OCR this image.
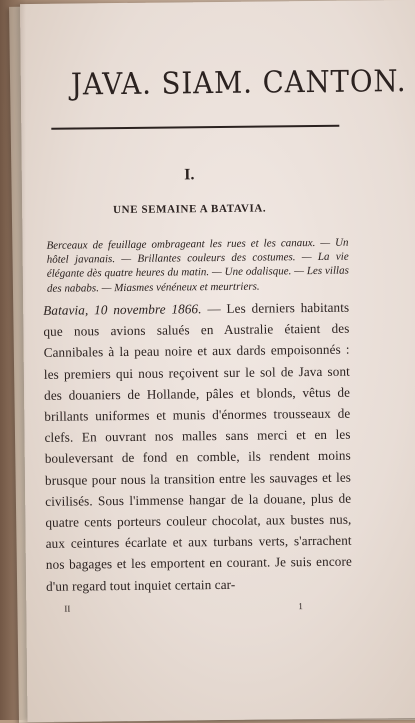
JAVA. SIAM. CANTON.
I.
UNE SEMAINE A BATAVIA.

Berceaux de feuillage ombrageant les rues et les canaux. — Un hôtel javanais. — Brillantes couleurs des costumes. — La vie élégante dès quatre heures du matin. — Une odalisque. — Les villas des nababs. — Miasmes vénéneux et meurtriers.

Batavia, 10 novembre 1866. — Les derniers habitants que nous avions salués en Australie étaient des Cannibales à la peau noire et aux dards empoisonnés : les premiers qui nous reçoivent sur le sol de Java sont des douaniers de Hollande, pâles et blonds, vêtus de brillants uniformes et munis d'énormes trousseaux de clefs. En ouvrant nos malles sans merci et en les bouleversant de fond en comble, ils rendent moins brusque pour nous la transition entre les sauvages et les civilisés. Sous l'immense hangar de la douane, plus de quatre cents porteurs couleur chocolat, aux bustes nus, aux ceintures écarlate et aux turbans verts, s'arrachent nos bagages et les emportent en courant. Je suis encore d'un regard tout inquiet certain car-

II	1
